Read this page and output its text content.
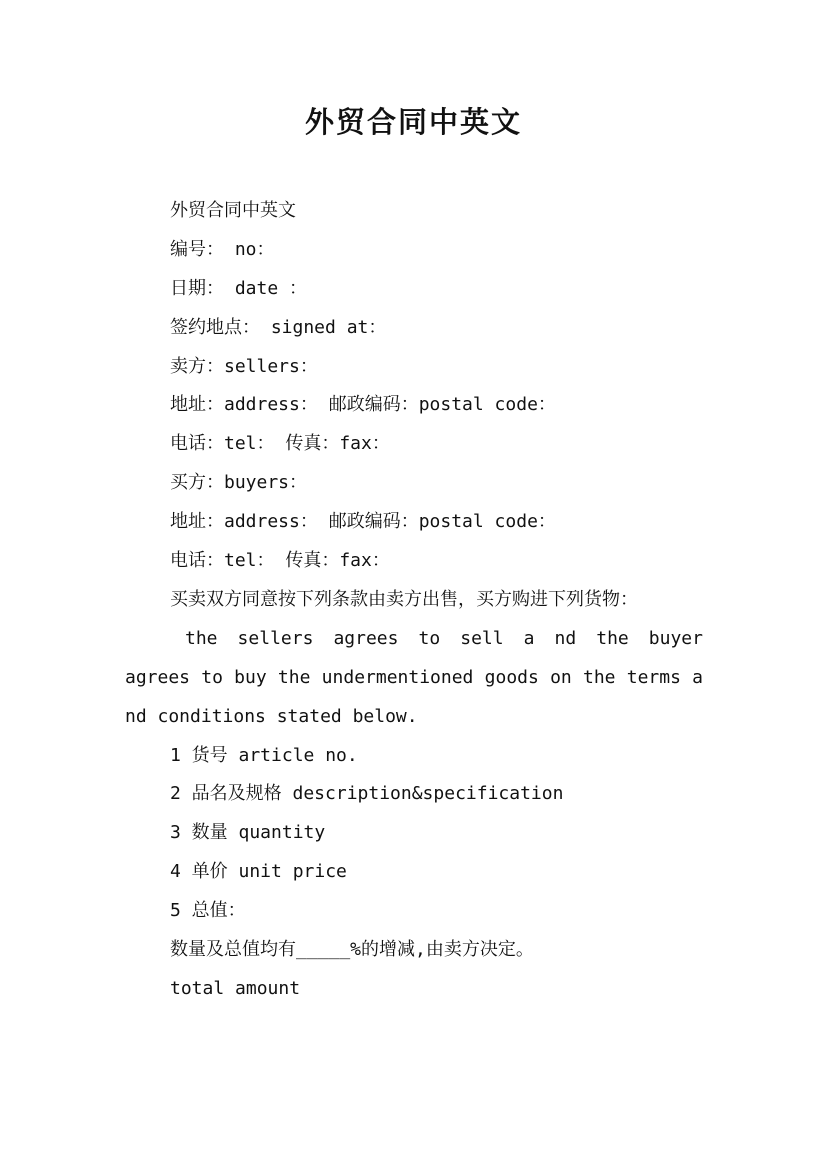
外贸合同中英文
外贸合同中英文
编号： no：
日期： date ：
签约地点： signed at：
卖方：sellers：
地址：address： 邮政编码：postal code：
电话：tel： 传真：fax：
买方：buyers：
地址：address： 邮政编码：postal code：
电话：tel： 传真：fax：
买卖双方同意按下列条款由卖方出售，买方购进下列货物：
the sellers agrees to sell a nd the buyer agrees to buy the undermentioned goods on the terms a nd conditions stated below.
1 货号 article no.
2 品名及规格 description&specification
3 数量 quantity
4 单价 unit price
5 总值：
数量及总值均有_____%的增减,由卖方决定。
total amount
